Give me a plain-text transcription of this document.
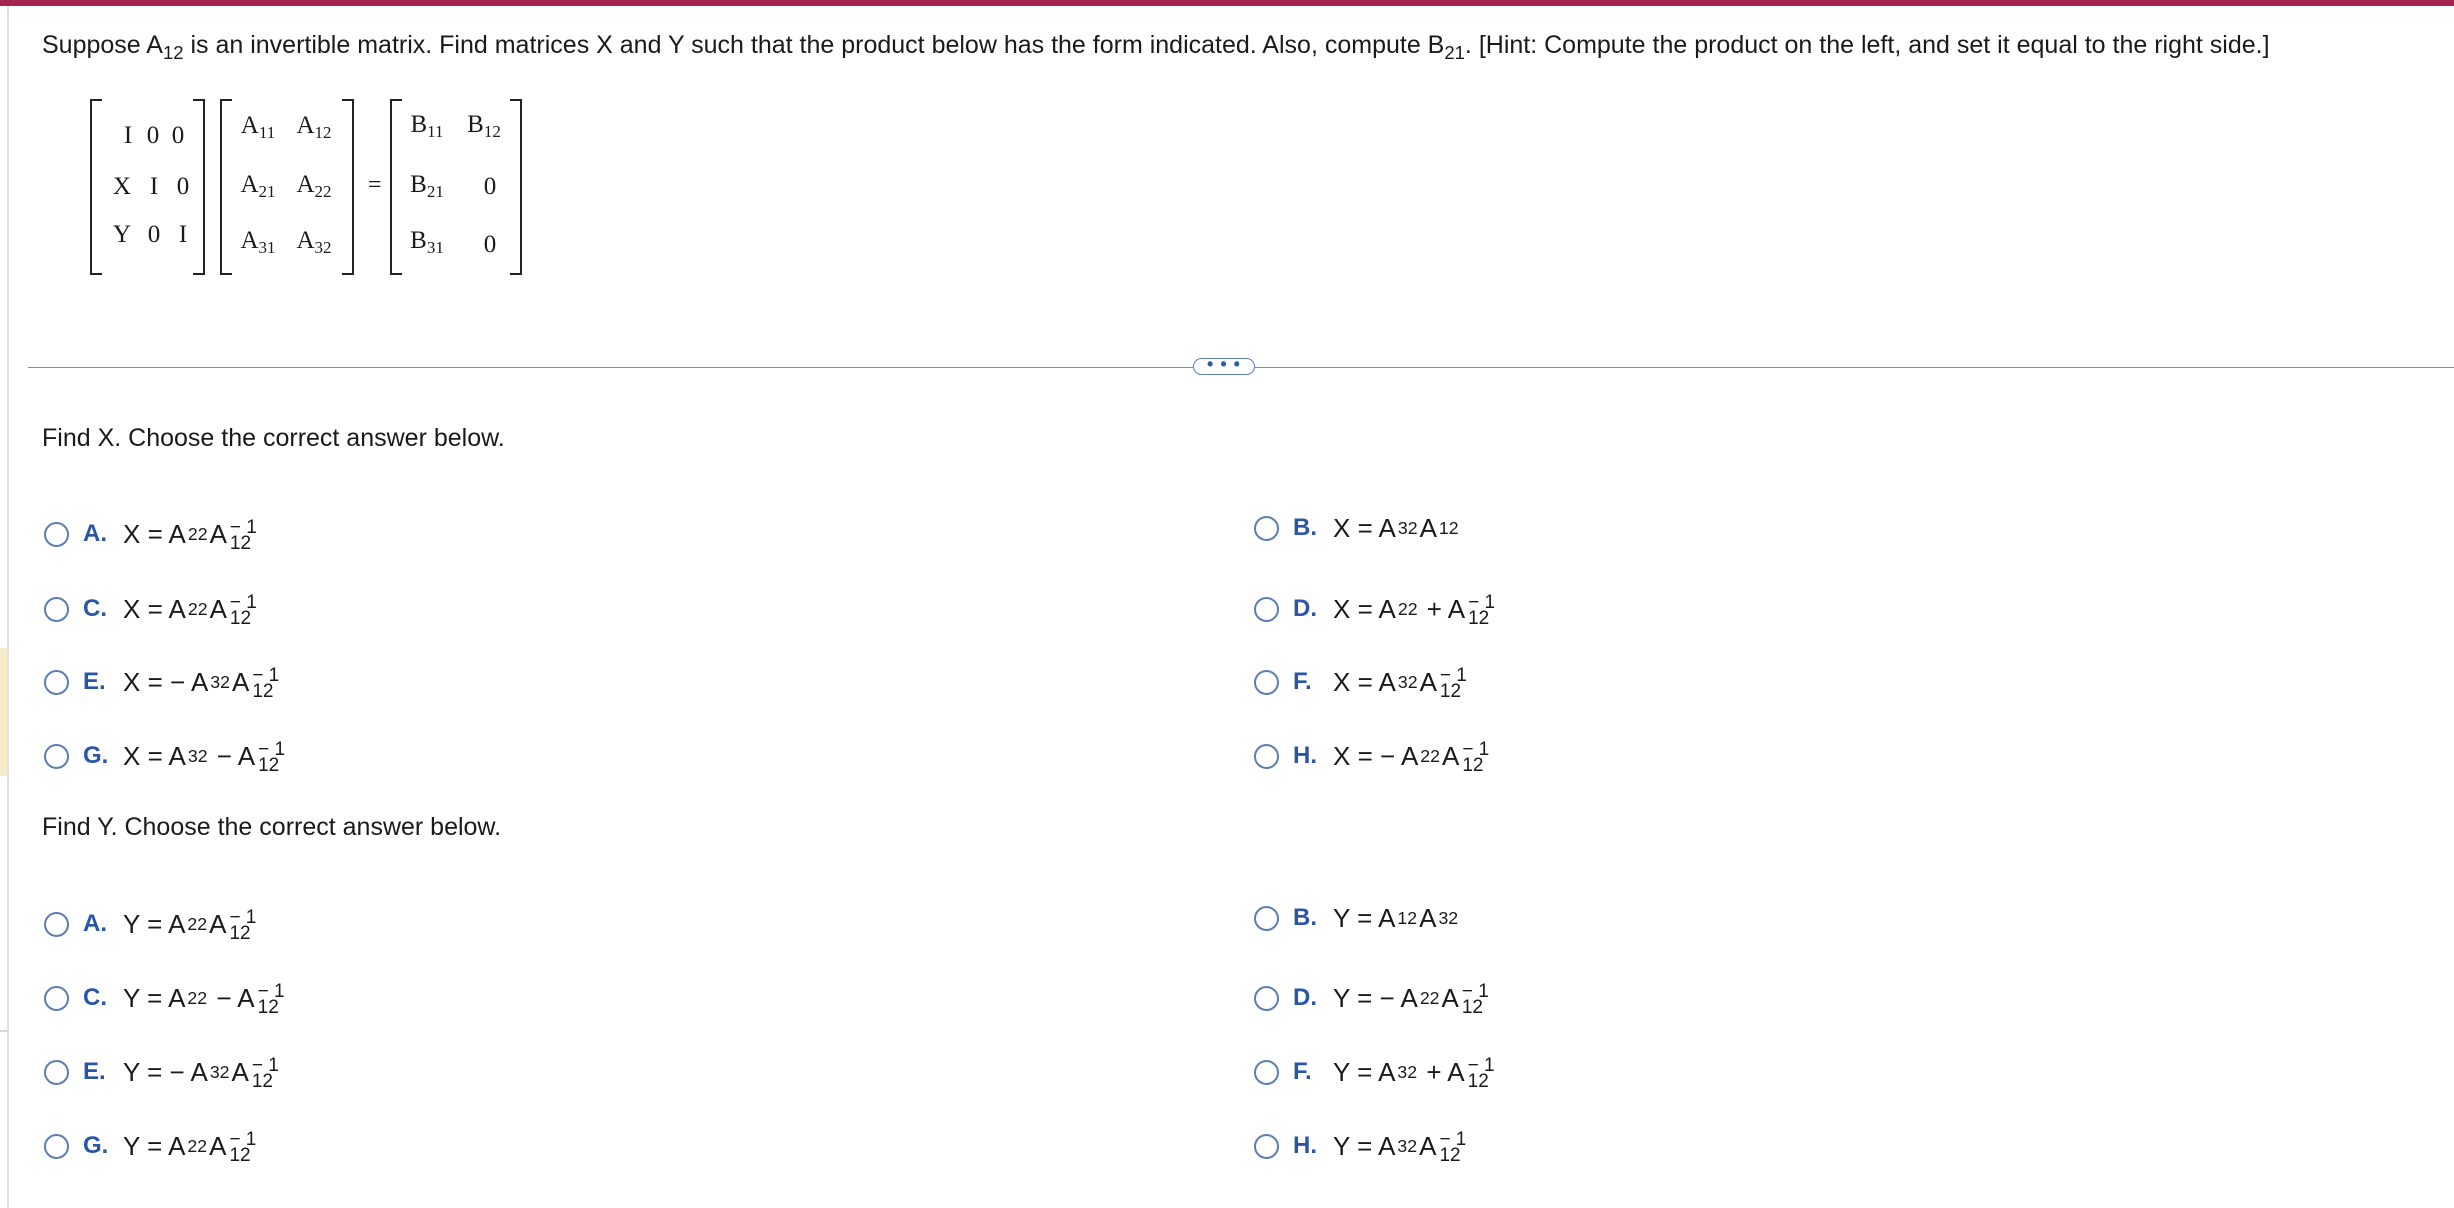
Suppose $A_{12}$ is an invertible matrix. Find matrices X and Y such that the product below has the form indicated. Also, compute $B_{21}$. [Hint: Compute the product on the left, and set it equal to the right side.]
I 0 0
X I 0
Y 0 I
$A_{11}$ $A_{12}$
$A_{21}$ $A_{22}$
$A_{31}$ $A_{32}$
=
$B_{11}$ $B_{12}$
$B_{21}$ 0
$B_{31}$ 0
• • •
Find X. Choose the correct answer below.
A. X = A 22 A − 1
12
B. X = A 32 A 12
C. X = A 22 A − 1
12	D. X = A 22 + A − 1
12
E. X = − A 32 A − 1
12	F. X = A 32 A − 1
12
G. X = A 32 − A − 1
12	H. X = − A 22 A − 1
12
Find Y. Choose the correct answer below.
A. Y = A 22 A − 1
12
B. Y = A 12 A 32
C. Y = A 22 − A − 1
12	D. Y = − A 22 A − 1
12
E. Y = − A 32 A − 1
12	F. Y = A 32 + A − 1
12
G. Y = A 22 A − 1
12	H. Y = A 32 A − 1
12
